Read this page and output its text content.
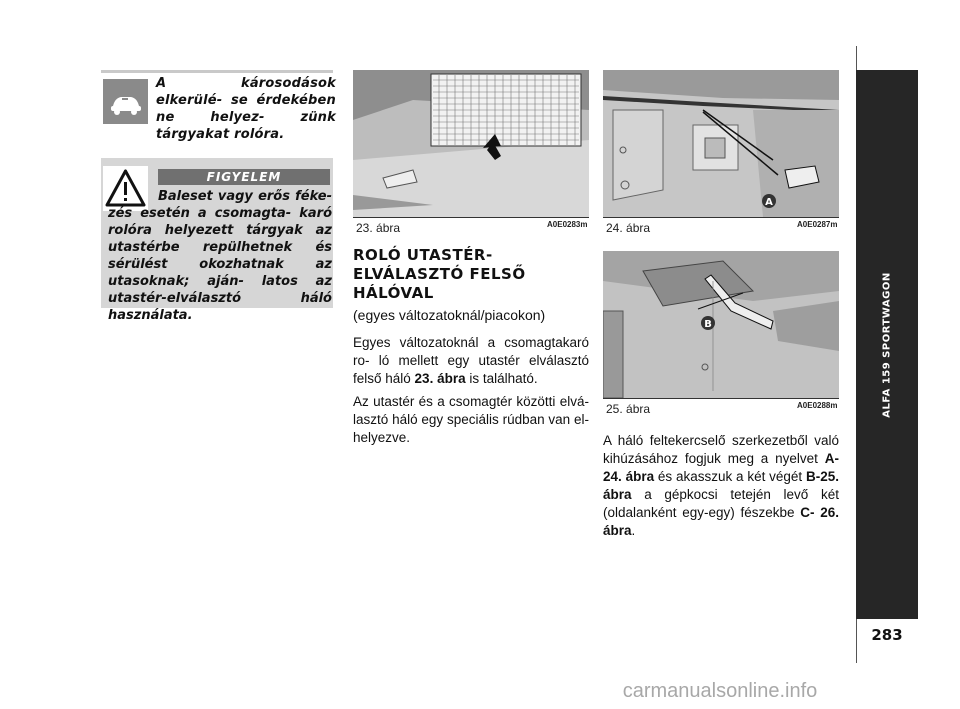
A károsodások elkerülé- se érdekében ne helyez- zünk tárgyakat rolóra.
FIGYELEM
Baleset vagy erős féke- zés esetén a csomagta- karó rolóra helyezett tárgyak az utastérbe repülhetnek és sérülést okozhatnak az utasoknak; aján- latos az utastér-elválasztó háló használata.
23. ábra	A0E0283m
A
24. ábra	A0E0287m
B
25. ábra	A0E0288m
ROLÓ UTASTÉR- ELVÁLASZTÓ FELSŐ HÁLÓVAL
(egyes változatoknál/piacokon)
Egyes változatoknál a csomagtakaró ro- ló mellett egy utastér elválasztó felső háló 23. ábra is található.
Az utastér és a csomagtér közötti elvá- lasztó háló egy speciális rúdban van el- helyezve.	A háló feltekercselő szerkezetből való kihúzásához fogjuk meg a nyelvet A-24. ábra és akasszuk a két végét B-25. ábra a gépkocsi tetején levő két (oldalanként egy-egy) fészekbe C- 26. ábra.
ALFA 159 SPORTWAGON
283
carmanualsonline.info
